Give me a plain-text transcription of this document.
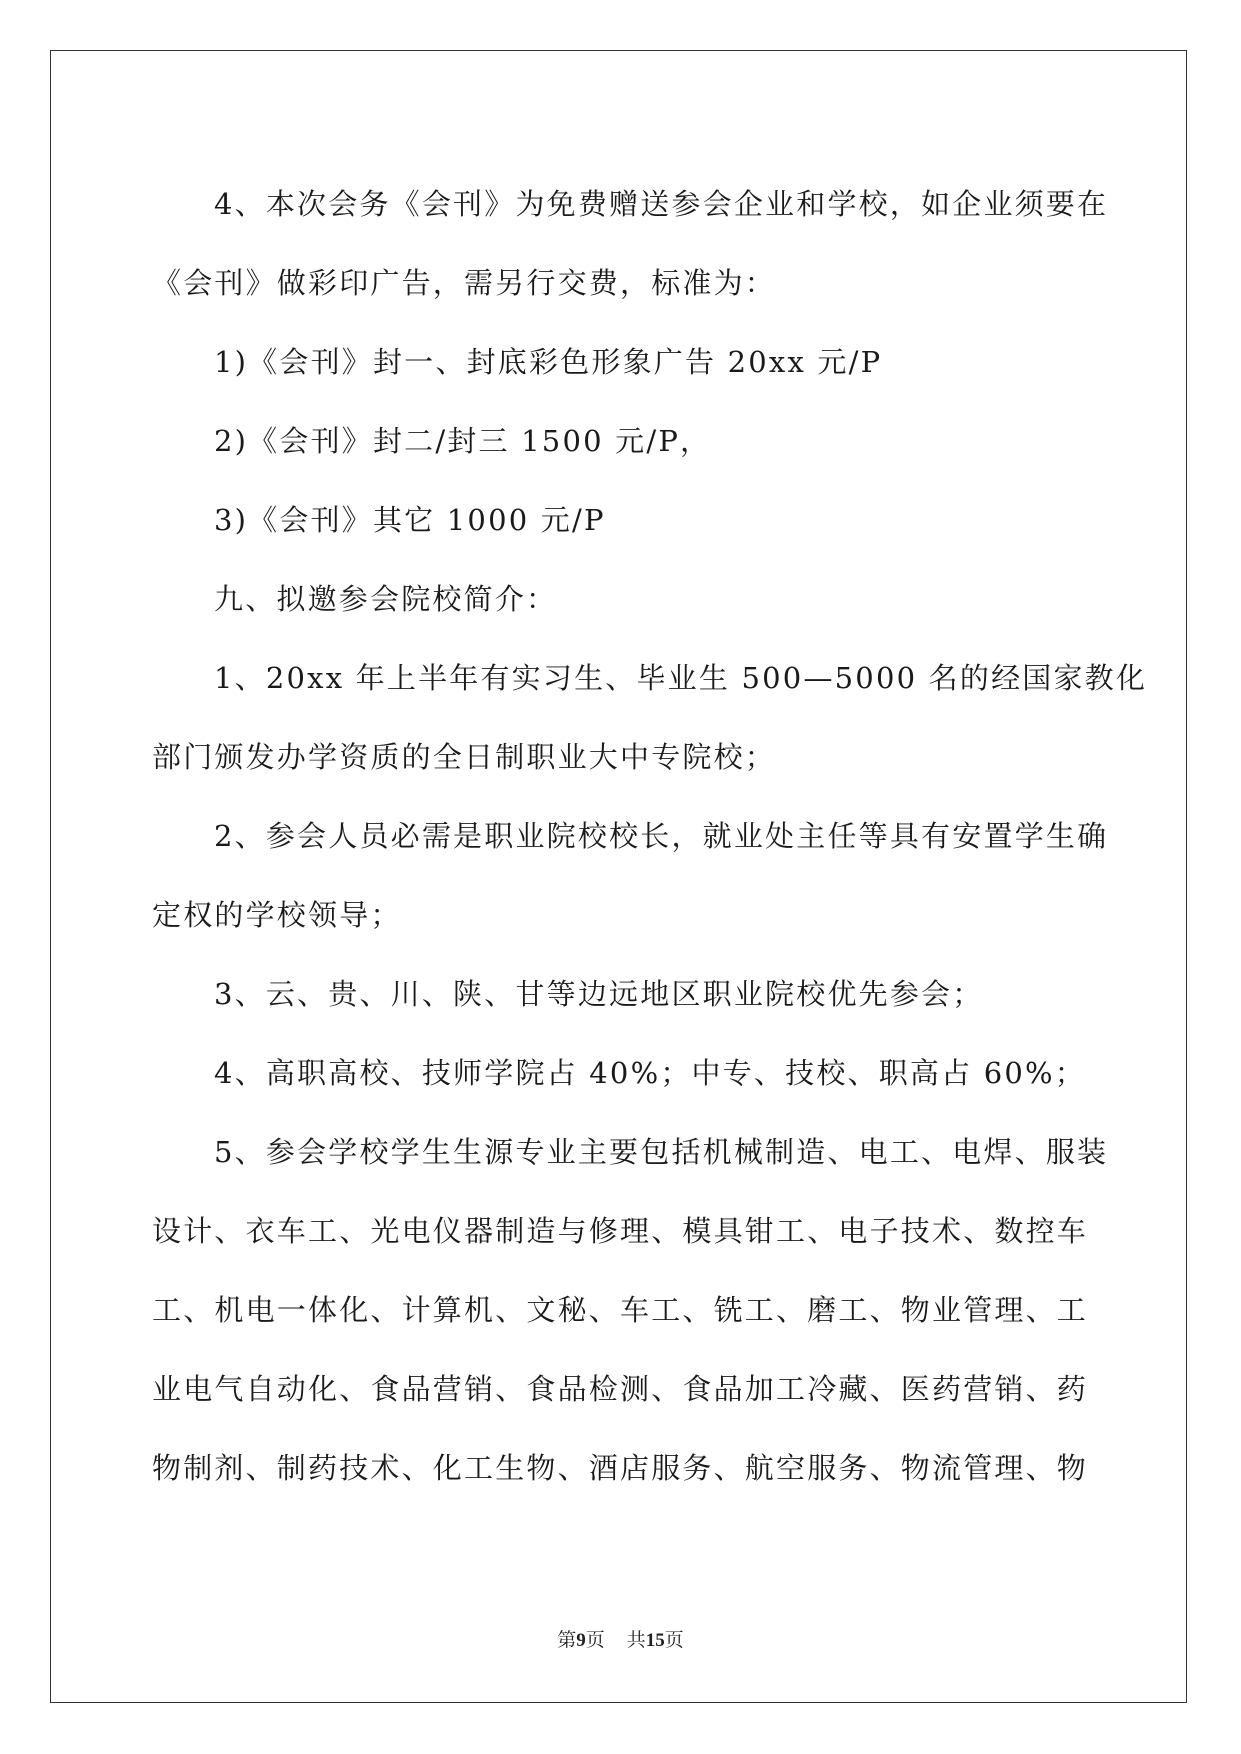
4、本次会务《会刊》为免费赠送参会企业和学校，如企业须要在

《会刊》做彩印广告，需另行交费，标准为：

1)《会刊》封一、封底彩色形象广告 20xx 元/P

2)《会刊》封二/封三 1500 元/P，

3)《会刊》其它 1000 元/P

九、拟邀参会院校简介：

1、20xx 年上半年有实习生、毕业生 500—5000 名的经国家教化

部门颁发办学资质的全日制职业大中专院校；

2、参会人员必需是职业院校校长，就业处主任等具有安置学生确

定权的学校领导；

3、云、贵、川、陕、甘等边远地区职业院校优先参会；

4、高职高校、技师学院占 40%；中专、技校、职高占 60%；

5、参会学校学生生源专业主要包括机械制造、电工、电焊、服装

设计、衣车工、光电仪器制造与修理、模具钳工、电子技术、数控车

工、机电一体化、计算机、文秘、车工、铣工、磨工、物业管理、工

业电气自动化、食品营销、食品检测、食品加工冷藏、医药营销、药

物制剂、制药技术、化工生物、酒店服务、航空服务、物流管理、物

第9页 共15页
